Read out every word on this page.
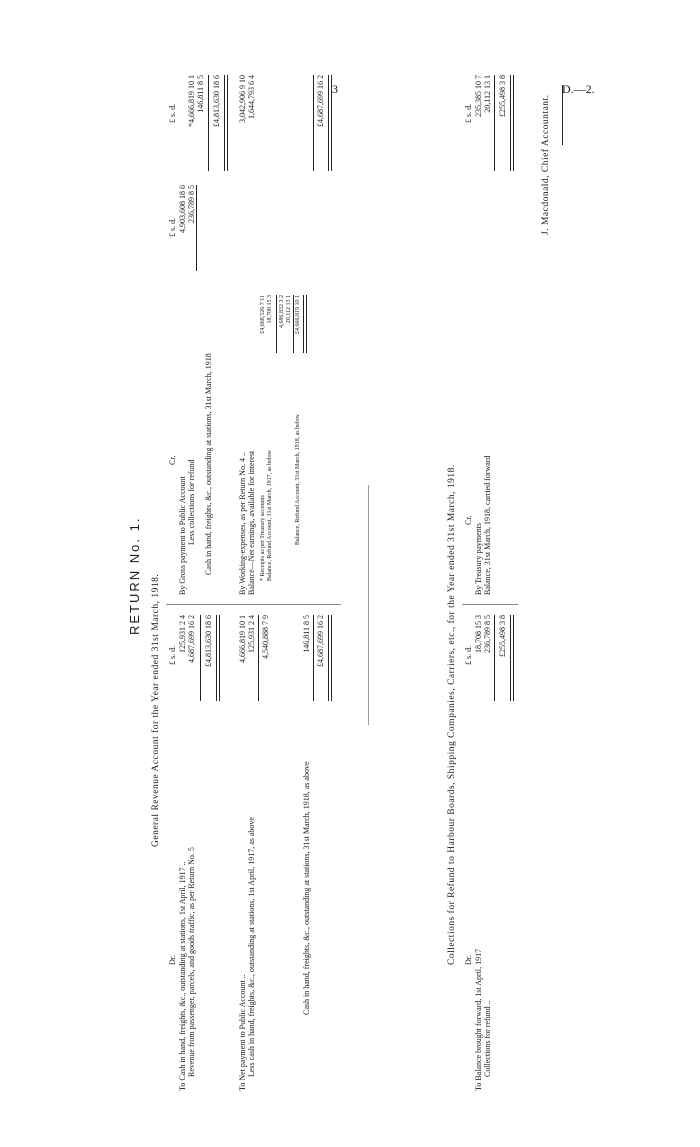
3	D.—2.
RETURN No. 1. General Revenue Account for the Year ended 31st March, 1918.
Dr.
Cr.
£ s. d.
£ s. d.
£ s. d.
To Cash in hand, freights, &c., outstanding at stations, 1st April, 1917 ..
125,931 2 4
Revenue from passenger, parcels, and goods traffic, as per Return No. 5
4,687,699 16 2 £4,813,630 18 6
To Net payment to Public Account ..
4,666,819 10 1
Less cash in hand, freights, &c., outstanding at stations, 1st April, 1917, as above
125,931 2 4 4,540,888 7 9
Cash in hand, freights, &c., outstanding at stations, 31st March, 1918, as above
146,811 8 5 £4,687,699 16 2
By Gross payment to Public Account
4,903,608 18 6
Less collections for refund
236,789 8 5
*4,666,819 10 1
Cash in hand, freights, &c., outstanding at stations, 31st March, 1918
146,811 8 5 £4,813,630 18 6
By Working-expenses, as per Return No. 4 ..
3,042,906 9 10
Balance—Net earnings, available for interest
1,644,793 6 4
* Receipts as per Treasury accounts
£4,668,526 7 11
Balance, Refund Account, 31st March, 1917, as below
18,708 15 3 4,686,832 3 2 20,112 13 1
Balance, Refund Account, 31st March, 1918, as below
£4,666,819 10 1
£4,687,699 16 2
Collections for Refund to Harbour Boards, Shipping Companies, Carriers, etc., for the Year ended 31st March, 1918. Dr.
Cr.
£ s. d.
£ s. d.
To Balance brought forward, 1st April, 1917
18,708 15 3
Collections for refund ..
236,789 8 5 £255,498 3 8
By Treasury payments
235,385 10 7
Balance, 31st March, 1918, carried forward
20,112 13 1 £255,498 3 8	J. Macdonald, Chief Accountant.
